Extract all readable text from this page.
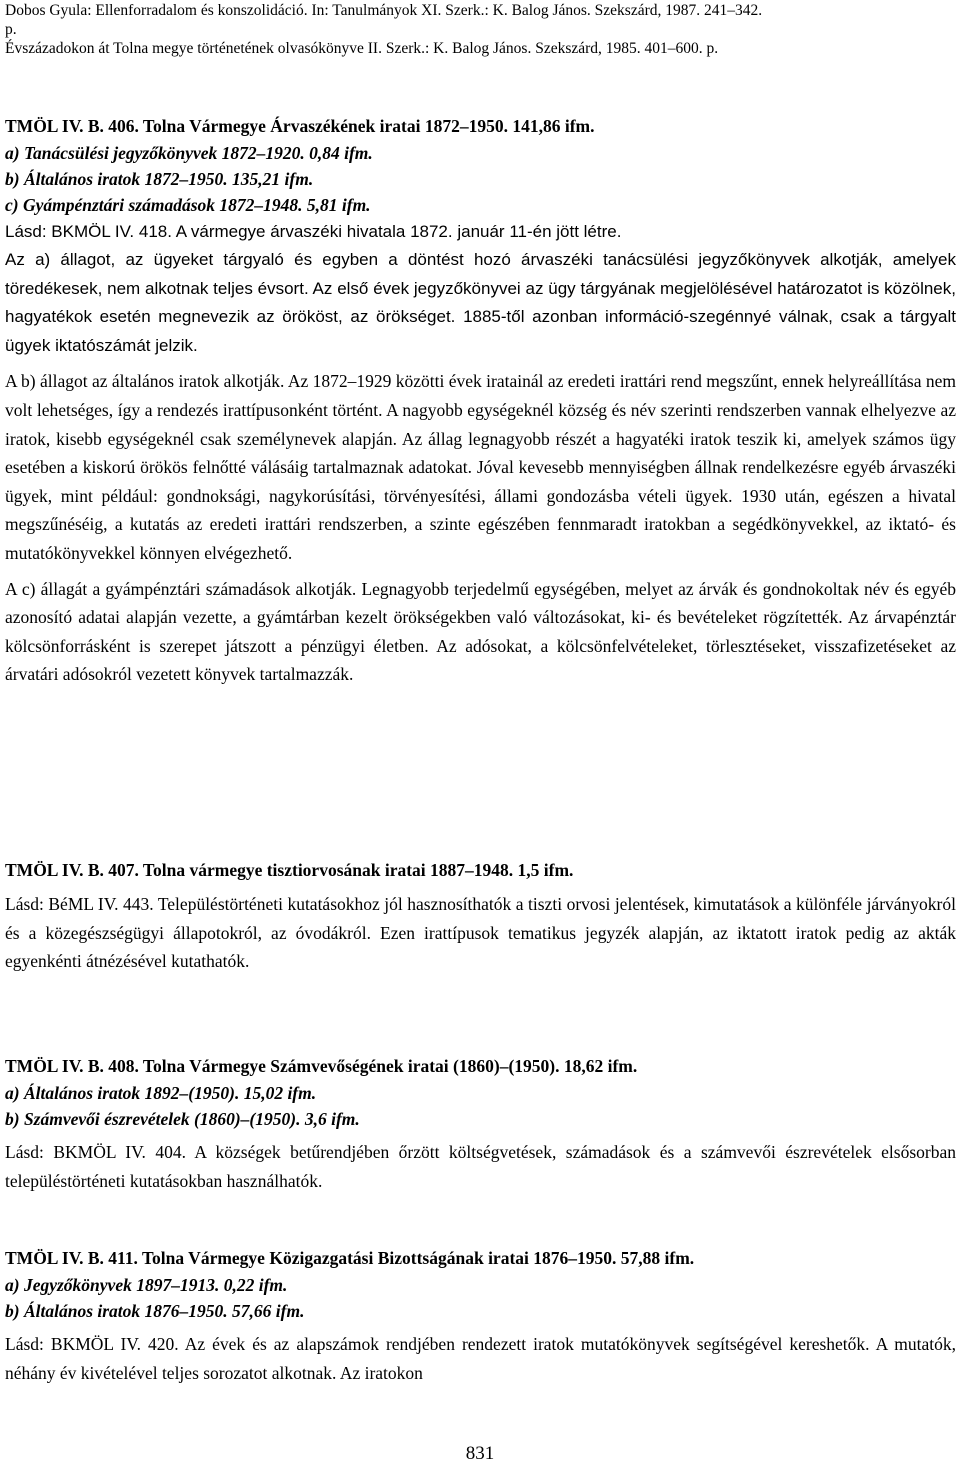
Dobos Gyula: Ellenforradalom és konszolidáció. In: Tanulmányok XI. Szerk.: K. Balog János. Szekszárd, 1987. 241–342.
p.
Évszázadokon át Tolna megye történetének olvasókönyve II. Szerk.: K. Balog János. Szekszárd, 1985. 401–600. p.

TMÖL IV. B. 406. Tolna Vármegye Árvaszékének iratai 1872–1950. 141,86 ifm.

a) Tanácsülési jegyzőkönyvek 1872–1920. 0,84 ifm.

b) Általános iratok 1872–1950. 135,21 ifm.

c) Gyámpénztári számadások 1872–1948. 5,81 ifm.

Lásd: BKMÖL IV. 418. A vármegye árvaszéki hivatala 1872. január 11-én jött létre.

Az a) állagot, az ügyeket tárgyaló és egyben a döntést hozó árvaszéki tanácsülési jegyzőkönyvek alkotják, amelyek töredékesek, nem alkotnak teljes évsort. Az első évek jegyzőkönyvei az ügy tárgyának megjelölésével határozatot is közölnek, hagyatékok esetén megnevezik az örököst, az örökséget. 1885-től azonban információ-szegénnyé válnak, csak a tárgyalt ügyek iktatószámát jelzik.

A b) állagot az általános iratok alkotják. Az 1872–1929 közötti évek iratainál az eredeti irattári rend megszűnt, ennek helyreállítása nem volt lehetséges, így a rendezés irattípusonként történt. A nagyobb egységeknél község és név szerinti rendszerben vannak elhelyezve az iratok, kisebb egységeknél csak személynevek alapján. Az állag legnagyobb részét a hagyatéki iratok teszik ki, amelyek számos ügy esetében a kiskorú örökös felnőtté válásáig tartalmaznak adatokat. Jóval kevesebb mennyiségben állnak rendelkezésre egyéb árvaszéki ügyek, mint például: gondnoksági, nagykorúsítási, törvényesítési, állami gondozásba vételi ügyek. 1930 után, egészen a hivatal megszűnéséig, a kutatás az eredeti irattári rendszerben, a szinte egészében fennmaradt iratokban a segédkönyvekkel, az iktató- és mutatókönyvekkel könnyen elvégezhető.

A c) állagát a gyámpénztári számadások alkotják. Legnagyobb terjedelmű egységében, melyet az árvák és gondnokoltak név és egyéb azonosító adatai alapján vezette, a gyámtárban kezelt örökségekben való változásokat, ki- és bevételeket rögzítették. Az árvapénztár kölcsönforrásként is szerepet játszott a pénzügyi életben. Az adósokat, a kölcsönfelvételeket, törlesztéseket, visszafizetéseket az árvatári adósokról vezetett könyvek tartalmazzák.

TMÖL IV. B. 407. Tolna vármegye tisztiorvosának iratai 1887–1948. 1,5 ifm.

Lásd: BéML IV. 443. Településtörténeti kutatásokhoz jól hasznosíthatók a tiszti orvosi jelentések, kimutatások a különféle járványokról és a közegészségügyi állapotokról, az óvodákról. Ezen irattípusok tematikus jegyzék alapján, az iktatott iratok pedig az akták egyenkénti átnézésével kutathatók.

TMÖL IV. B. 408. Tolna Vármegye Számvevőségének iratai (1860)–(1950). 18,62 ifm.

a) Általános iratok 1892–(1950). 15,02 ifm.

b) Számvevői észrevételek (1860)–(1950). 3,6 ifm.

Lásd: BKMÖL IV. 404. A községek betűrendjében őrzött költségvetések, számadások és a számvevői észrevételek elsősorban településtörténeti kutatásokban használhatók.

TMÖL IV. B. 411. Tolna Vármegye Közigazgatási Bizottságának iratai 1876–1950. 57,88 ifm.

a) Jegyzőkönyvek 1897–1913. 0,22 ifm.

b) Általános iratok 1876–1950. 57,66 ifm.

Lásd: BKMÖL IV. 420. Az évek és az alapszámok rendjében rendezett iratok mutatókönyvek segítségével kereshetők. A mutatók, néhány év kivételével teljes sorozatot alkotnak. Az iratokon

831
